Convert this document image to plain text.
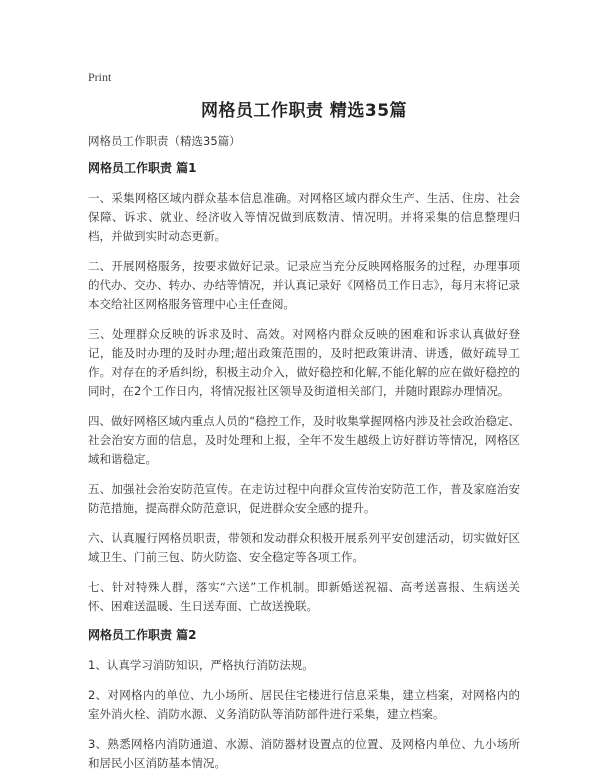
Print
网格员工作职责 精选35篇
网格员工作职责（精选35篇）
网格员工作职责 篇1

一、采集网格区域内群众基本信息准确。对网格区域内群众生产、生活、住房、社会保障、诉求、就业、经济收入等情况做到底数清、情况明。并将采集的信息整理归档，并做到实时动态更新。

二、开展网格服务，按要求做好记录。记录应当充分反映网格服务的过程，办理事项的代办、交办、转办、办结等情况，并认真记录好《网格员工作日志》，每月末将记录本交给社区网格服务管理中心主任查阅。

三、处理群众反映的诉求及时、高效。对网格内群众反映的困难和诉求认真做好登记，能及时办理的及时办理;超出政策范围的，及时把政策讲清、讲透，做好疏导工作。对存在的矛盾纠纷，积极主动介入，做好稳控和化解,不能化解的应在做好稳控的同时，在2个工作日内，将情况报社区领导及街道相关部门，并随时跟踪办理情况。

四、做好网格区域内重点人员的“稳控工作，及时收集掌握网格内涉及社会政治稳定、社会治安方面的信息，及时处理和上报，全年不发生越级上访好群访等情况，网格区域和谐稳定。

五、加强社会治安防范宣传。在走访过程中向群众宣传治安防范工作，普及家庭治安防范措施，提高群众防范意识，促进群众安全感的提升。

六、认真履行网格员职责，带领和发动群众积极开展系列平安创建活动，切实做好区域卫生、门前三包、防火防盗、安全稳定等各项工作。

七、针对特殊人群，落实“六送”工作机制。即新婚送祝福、高考送喜报、生病送关怀、困难送温暖、生日送寿面、亡故送挽联。

网格员工作职责 篇2

1、认真学习消防知识，严格执行消防法规。

2、对网格内的单位、九小场所、居民住宅楼进行信息采集，建立档案，对网格内的室外消火栓、消防水源、义务消防队等消防部件进行采集，建立档案。

3、熟悉网格内消防通道、水源、消防器材设置点的位置、及网格内单位、九小场所和居民小区消防基本情况。
